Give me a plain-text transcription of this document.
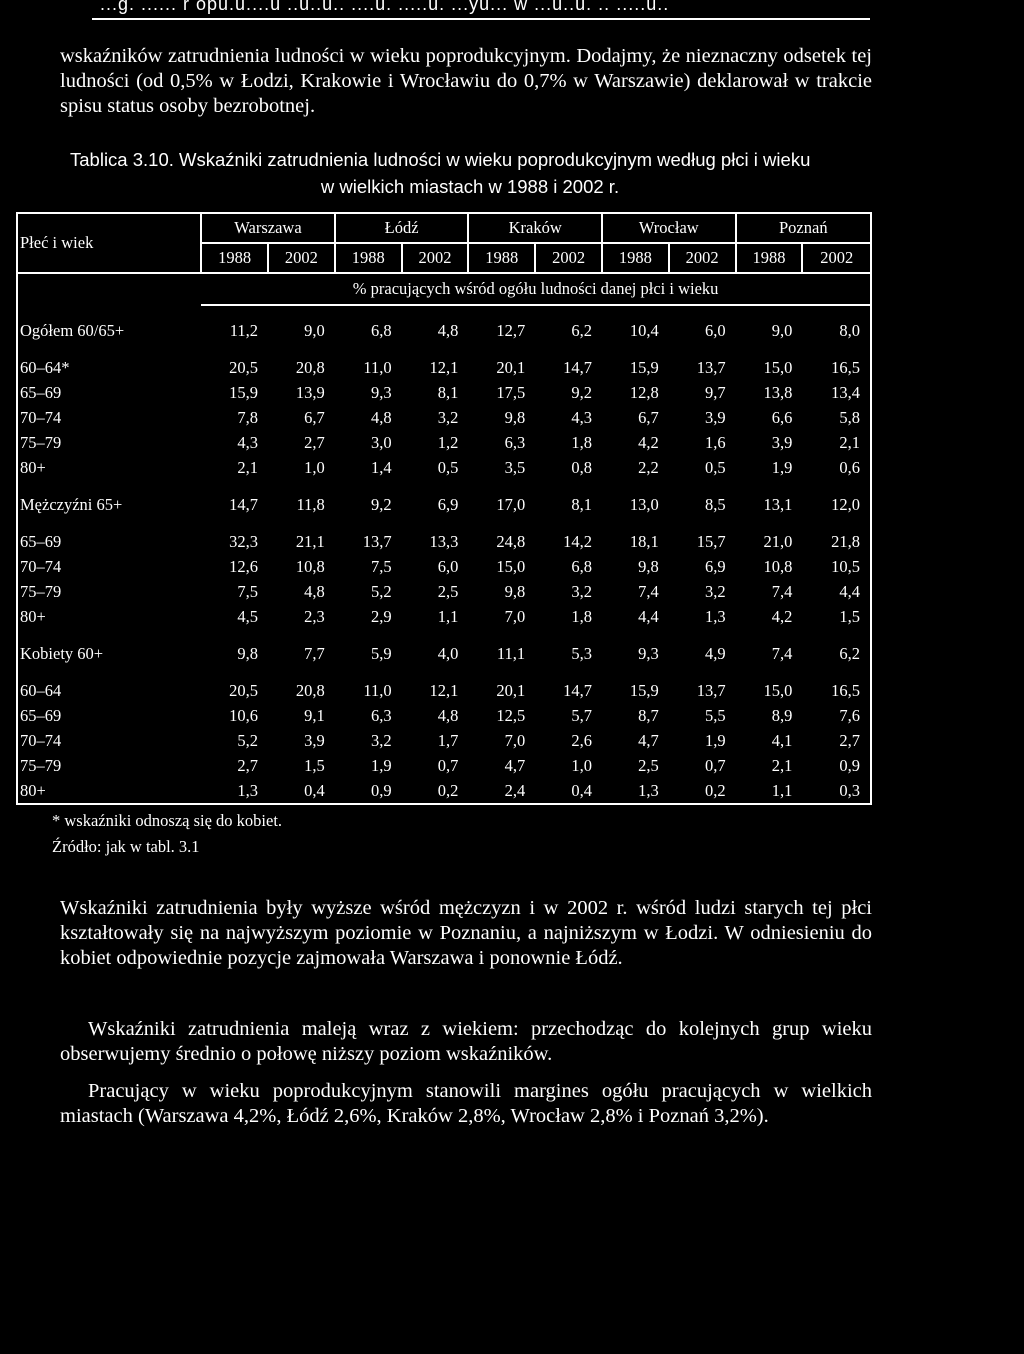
...g. ...... r opu.u....u ..u..u.. ....u. .....u. ...yu... w ...u..u. .. .....u..
wskaźników zatrudnienia ludności w wieku poprodukcyjnym. Dodajmy, że nieznaczny odsetek tej ludności (od 0,5% w Łodzi, Krakowie i Wrocławiu do 0,7% w Warszawie) deklarował w trakcie spisu status osoby bezrobotnej.
Tablica 3.10. Wskaźniki zatrudnienia ludności w wieku poprodukcyjnym według płci i wieku
w wielkich miastach w 1988 i 2002 r.
Płeć i wiek	Warszawa		Łódź		Kraków		Wrocław		Poznań	
	1988	2002	1988	2002	1988	2002	1988	2002	1988	2002
	% pracujących wśród ogółu ludności danej płci i wieku									

Ogółem 60/65+	11,2	9,0	6,8	4,8	12,7	6,2	10,4	6,0	9,0	8,0

60–64*	20,5	20,8	11,0	12,1	20,1	14,7	15,9	13,7	15,0	16,5
65–69	15,9	13,9	9,3	8,1	17,5	9,2	12,8	9,7	13,8	13,4
70–74	7,8	6,7	4,8	3,2	9,8	4,3	6,7	3,9	6,6	5,8
75–79	4,3	2,7	3,0	1,2	6,3	1,8	4,2	1,6	3,9	2,1
80+	2,1	1,0	1,4	0,5	3,5	0,8	2,2	0,5	1,9	0,6

Mężczyźni 65+	14,7	11,8	9,2	6,9	17,0	8,1	13,0	8,5	13,1	12,0

65–69	32,3	21,1	13,7	13,3	24,8	14,2	18,1	15,7	21,0	21,8
70–74	12,6	10,8	7,5	6,0	15,0	6,8	9,8	6,9	10,8	10,5
75–79	7,5	4,8	5,2	2,5	9,8	3,2	7,4	3,2	7,4	4,4
80+	4,5	2,3	2,9	1,1	7,0	1,8	4,4	1,3	4,2	1,5

Kobiety 60+	9,8	7,7	5,9	4,0	11,1	5,3	9,3	4,9	7,4	6,2

60–64	20,5	20,8	11,0	12,1	20,1	14,7	15,9	13,7	15,0	16,5
65–69	10,6	9,1	6,3	4,8	12,5	5,7	8,7	5,5	8,9	7,6
70–74	5,2	3,9	3,2	1,7	7,0	2,6	4,7	1,9	4,1	2,7
75–79	2,7	1,5	1,9	0,7	4,7	1,0	2,5	0,7	2,1	0,9
80+	1,3	0,4	0,9	0,2	2,4	0,4	1,3	0,2	1,1	0,3
* wskaźniki odnoszą się do kobiet.
Źródło: jak w tabl. 3.1
Wskaźniki zatrudnienia były wyższe wśród mężczyzn i w 2002 r. wśród ludzi starych tej płci kształtowały się na najwyższym poziomie w Poznaniu, a najniższym w Łodzi. W odniesieniu do kobiet odpowiednie pozycje zajmowała Warszawa i ponownie Łódź.
Wskaźniki zatrudnienia maleją wraz z wiekiem: przechodząc do kolejnych grup wieku obserwujemy średnio o połowę niższy poziom wskaźników.
Pracujący w wieku poprodukcyjnym stanowili margines ogółu pracujących w wielkich miastach (Warszawa 4,2%, Łódź 2,6%, Kraków 2,8%, Wrocław 2,8% i Poznań 3,2%).
